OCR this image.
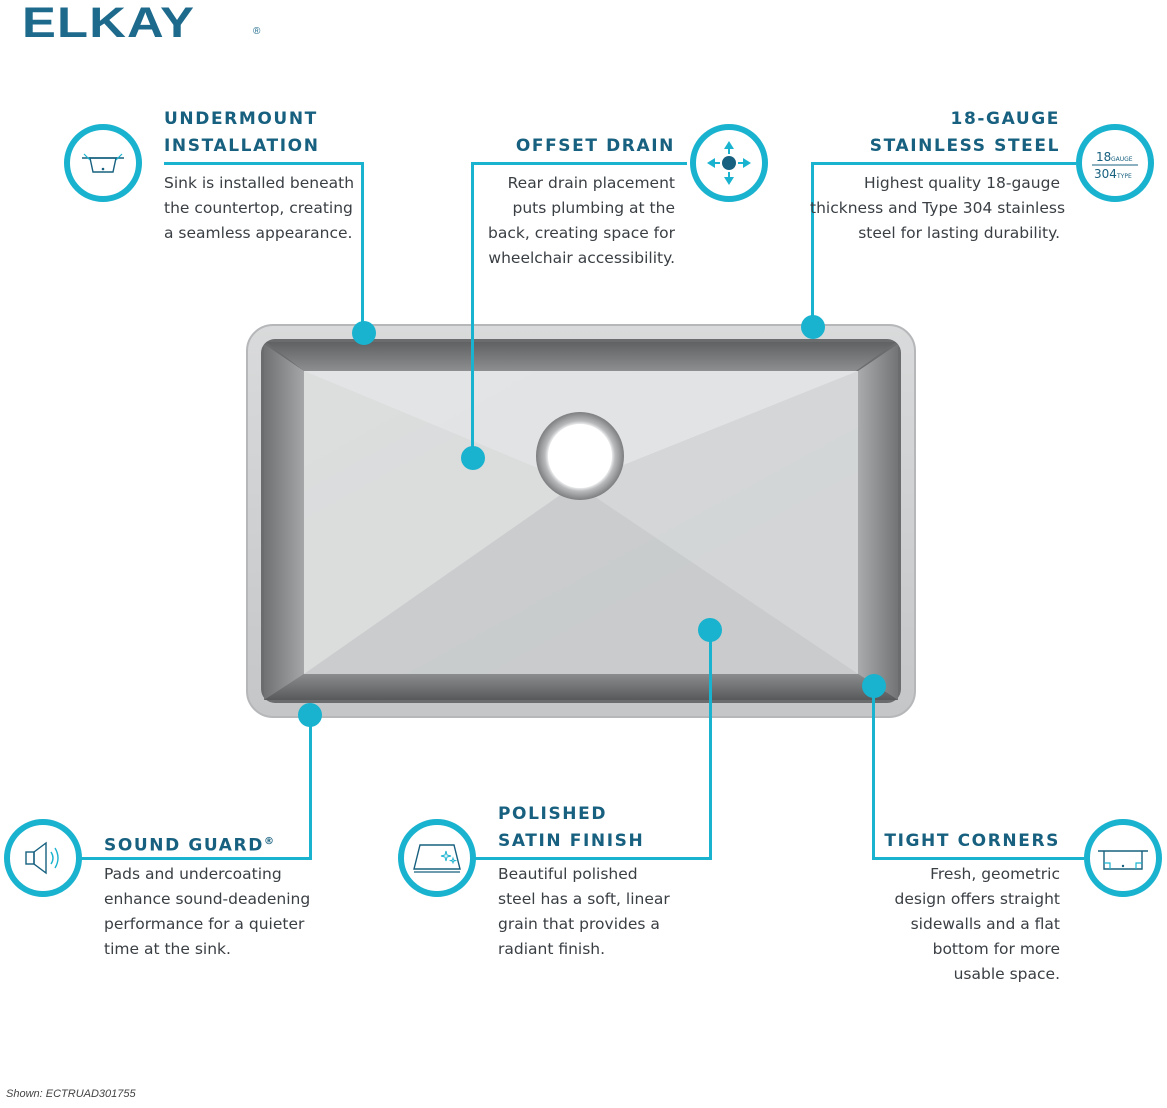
ELKAY	®
18 GAUGE
304 TYPE
UNDERMOUNT
INSTALLATION
Sink is installed beneath
the countertop, creating
a seamless appearance.
OFFSET DRAIN
Rear drain placement
puts plumbing at the
back, creating space for
wheelchair accessibility.
18-GAUGE
STAINLESS STEEL
Highest quality 18-gauge
thickness and Type 304 stainless
steel for lasting durability.
SOUND GUARD®
Pads and undercoating
enhance sound-deadening
performance for a quieter
time at the sink.
POLISHED
SATIN FINISH
Beautiful polished
steel has a soft, linear
grain that provides a
radiant finish.
TIGHT CORNERS
Fresh, geometric
design offers straight
sidewalls and a flat
bottom for more
usable space.
Shown: ECTRUAD301755
